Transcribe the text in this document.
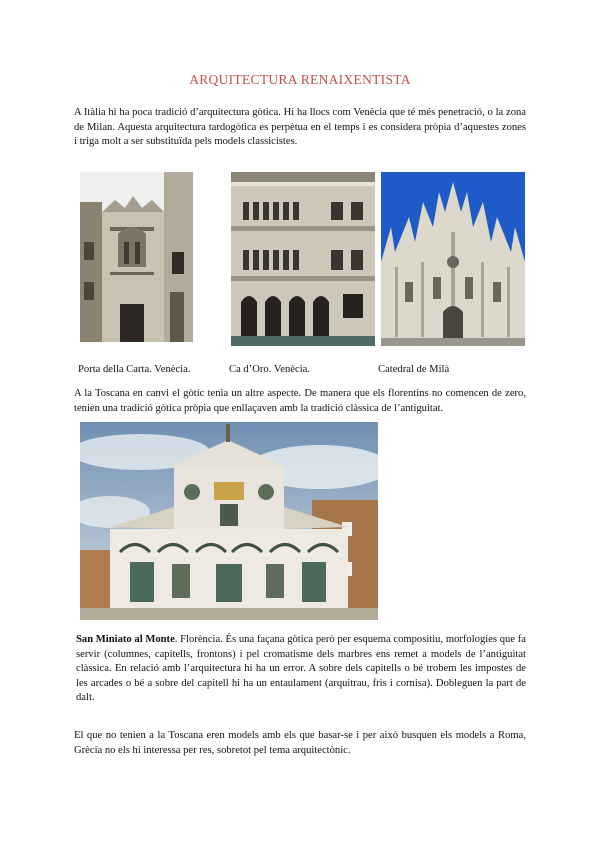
ARQUITECTURA RENAIXENTISTA
A Itàlia hi ha poca tradició d’arquitectura gòtica. Hi ha llocs com Venècia que té més penetració, o la zona de Milan. Aquesta arquitectura tardogòtica es perpètua en el temps i es considera pròpia d’aquestes zones i triga molt a ser substituïda pels models classicistes.
Porta della Carta. Venècia.	Ca d’Oro. Venècia.	Catedral de Milà
A la Toscana en canvi el gòtic tenia un altre aspecte. De manera que els florentins no comencen de zero, tenien una tradició gòtica pròpia que enllaçaven amb la tradició clàssica de l’antiguitat.
San Miniato al Monte. Florència. És una façana gòtica però per esquema compositiu, morfologies que fa servir (columnes, capitells, frontons) i pel cromatisme dels marbres ens remet a models de l’antiguitat clàssica. En relació amb l’arquitectura hi ha un error. A sobre dels capitells o bé trobem les impostes de les arcades o bé a sobre del capitell hi ha un entaulament (arquitrau, fris i cornisa). Dobleguen la part de dalt.
El que no tenien a la Toscana eren models amb els que basar-se i per això busquen els models a Roma, Grècia no els hi interessa per res, sobretot pel tema arquitectònic.
